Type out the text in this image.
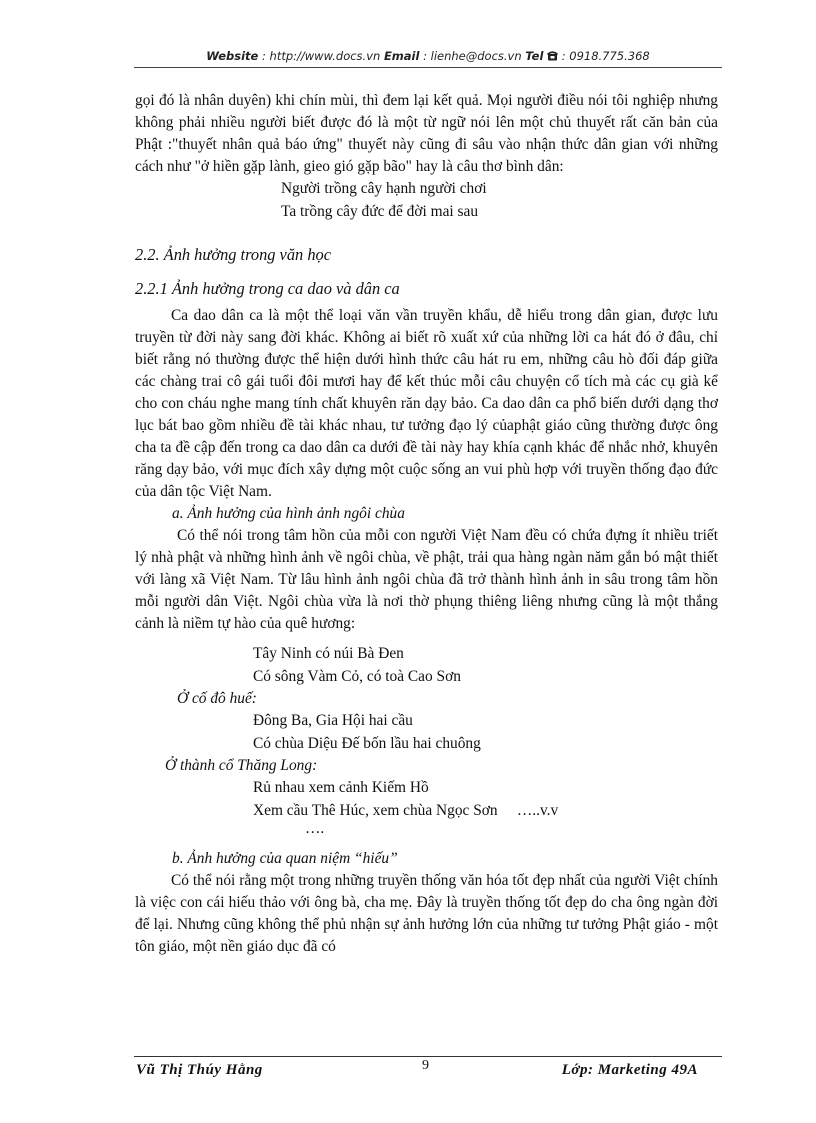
Website : http://www.docs.vn Email : lienhe@docs.vn Tel  : 0918.775.368

gọi đó là nhân duyên) khi chín mùi, thì đem lại kết quả. Mọi người điều nói tôi nghiệp nhưng không phải nhiều người biết được đó là một từ ngữ nói lên một chủ thuyết rất căn bản của Phật :"thuyết nhân quả báo ứng" thuyết này cũng đi sâu vào nhận thức dân gian với những cách như "ở hiền gặp lành, gieo gió gặp bão" hay là câu thơ bình dân:

Người trồng cây hạnh người chơi
Ta trồng cây đức để đời mai sau

2.2. Ảnh hưởng trong văn học

2.2.1 Ảnh hưởng trong ca dao và dân ca

Ca dao dân ca là một thể loại văn vần truyền khẩu, dễ hiểu trong dân gian, được lưu truyền từ đời này sang đời khác. Không ai biết rõ xuất xứ của những lời ca hát đó ở đâu, chỉ biết rằng nó thường được thể hiện dưới hình thức câu hát ru em, những câu hò đối đáp giữa các chàng trai cô gái tuổi đôi mươi hay để kết thúc mỗi câu chuyện cổ tích mà các cụ già kể cho con cháu nghe mang tính chất khuyên răn dạy bảo. Ca dao dân ca phổ biến dưới dạng thơ lục bát bao gồm nhiều đề tài khác nhau, tư tưởng đạo lý củaphật giáo cũng thường được ông cha ta đề cập đến trong ca dao dân ca dưới đề tài này hay khía cạnh khác để nhắc nhở, khuyên răng dạy bảo, với mục đích xây dựng một cuộc sống an vui phù hợp với truyền thống đạo đức của dân tộc Việt Nam.

a. Ảnh hưởng của hình ảnh ngôi chùa

Có thể nói trong tâm hồn của mỗi con người Việt Nam đều có chứa đựng ít nhiều triết lý nhà phật và những hình ảnh về ngôi chùa, về phật, trải qua hàng ngàn năm gắn bó mật thiết với làng xã Việt Nam. Từ lâu hình ảnh ngôi chùa đã trở thành hình ảnh in sâu trong tâm hồn mỗi người dân Việt. Ngôi chùa vừa là nơi thờ phụng thiêng liêng nhưng cũng là một thắng cảnh là niềm tự hào của quê hương:

Tây Ninh có núi Bà Đen
Có sông Vàm Cỏ, có toà Cao Sơn

Ở cố đô huế:

Đông Ba, Gia Hội hai cầu
Có chùa Diệu Đế bốn lầu hai chuông

Ở thành cổ Thăng Long:

Rủ nhau xem cảnh Kiếm Hồ
Xem cầu Thê Húc, xem chùa Ngọc Sơn     …..v.v

….

b. Ảnh hưởng của quan niệm “hiếu”

Có thể nói rằng một trong những truyền thống văn hóa tốt đẹp nhất của người Việt chính là việc con cái hiếu thảo với ông bà, cha mẹ. Đây là truyền thống tốt đẹp do cha ông ngàn đời để lại. Nhưng cũng không thể phủ nhận sự ảnh hưởng lớn của những tư tưởng Phật giáo - một tôn giáo, một nền giáo dục đã có

Vũ Thị Thúy Hằng	9	Lớp: Marketing 49A
